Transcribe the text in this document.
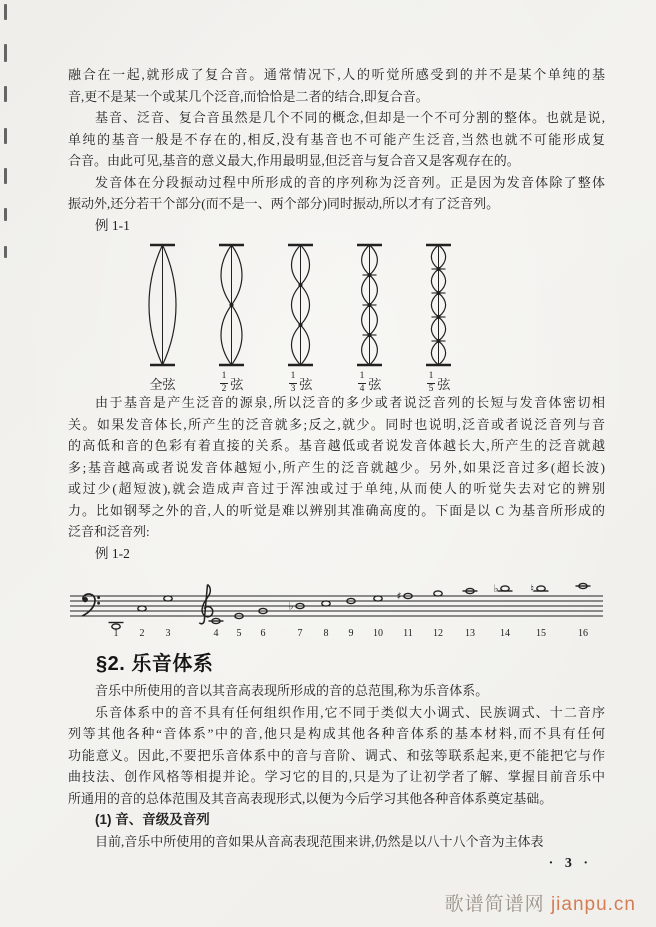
融合在一起,就形成了复合音。通常情况下,人的听觉所感受到的并不是某个单纯的基
音,更不是某一个或某几个泛音,而恰恰是二者的结合,即复合音。
基音、泛音、复合音虽然是几个不同的概念,但却是一个不可分割的整体。也就是说,
单纯的基音一般是不存在的,相反,没有基音也不可能产生泛音,当然也就不可能形成复
合音。由此可见,基音的意义最大,作用最明显,但泛音与复合音又是客观存在的。
发音体在分段振动过程中所形成的音的序列称为泛音列。正是因为发音体除了整体
振动外,还分若干个部分(而不是一、两个部分)同时振动,所以才有了泛音列。
例 1-1
全弦	$\frac{1}{2}$ 弦	$\frac{1}{3}$ 弦	$\frac{1}{4}$ 弦	$\frac{1}{5}$ 弦
由于基音是产生泛音的源泉,所以泛音的多少或者说泛音列的长短与发音体密切相
关。如果发音体长,所产生的泛音就多;反之,就少。同时也说明,泛音或者说泛音列与音
的高低和音的色彩有着直接的关系。基音越低或者说发音体越长大,所产生的泛音就越
多;基音越高或者说发音体越短小,所产生的泛音就越少。另外,如果泛音过多(超长波)
或过少(超短波),就会造成声音过于浑浊或过于单纯,从而使人的听觉失去对它的辨别
力。比如钢琴之外的音,人的听觉是难以辨别其准确高度的。下面是以 C 为基音所形成的
泛音和泛音列:
例 1-2
1 2 3	4 5 6
♭
7 8 9 10
♯
11 12 13
♭
14
♮
15	16
§2. 乐音体系
音乐中所使用的音以其音高表现所形成的音的总范围,称为乐音体系。
乐音体系中的音不具有任何组织作用,它不同于类似大小调式、民族调式、十二音序
列等其他各种“音体系”中的音,他只是构成其他各种音体系的基本材料,而不具有任何
功能意义。因此,不要把乐音体系中的音与音阶、调式、和弦等联系起来,更不能把它与作
曲技法、创作风格等相提并论。学习它的目的,只是为了让初学者了解、掌握目前音乐中
所通用的音的总体范围及其音高表现形式,以便为今后学习其他各种音体系奠定基础。
(1) 音、音级及音列
目前,音乐中所使用的音如果从音高表现范围来讲,仍然是以八十八个音为主体表
· 3 ·
歌谱简谱网 jianpu.cn
